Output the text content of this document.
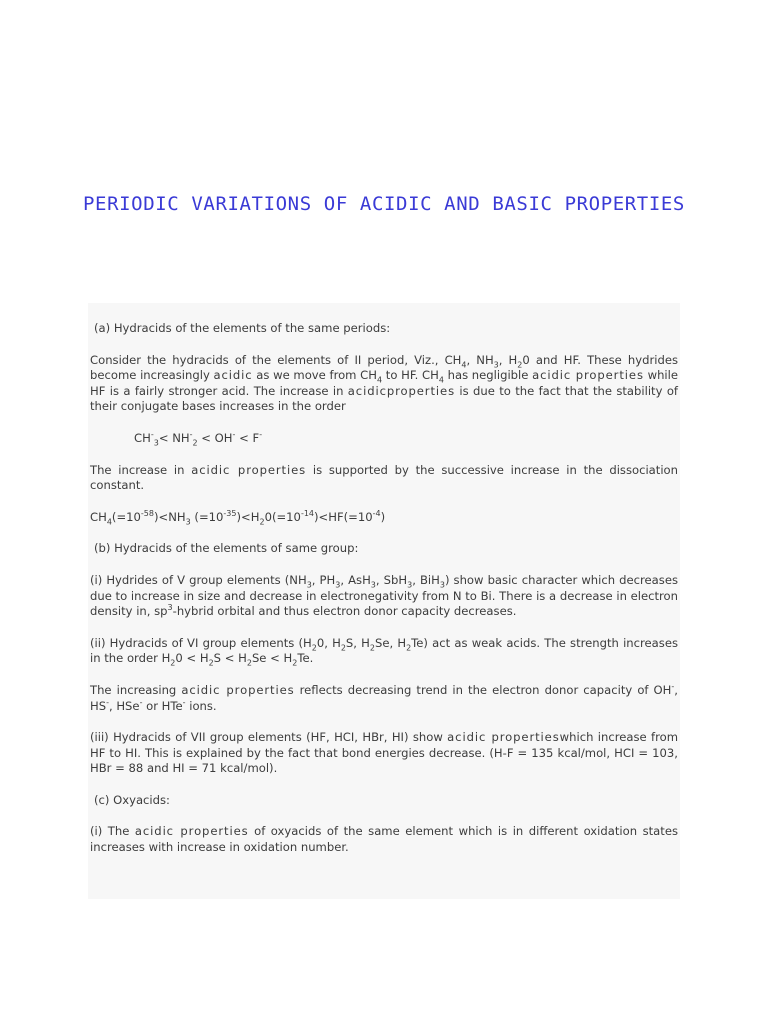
PERIODIC VARIATIONS OF ACIDIC AND BASIC PROPERTIES

(a) Hydracids of the elements of the same periods:

Consider the hydracids of the elements of II period, Viz., $CH_4$, $NH_3$, $H_20$ and HF. These hydrides become increasingly acidic as we move from $CH_4$ to HF. $CH_4$ has negligible acidic properties while HF is a fairly stronger acid. The increase in acidicproperties is due to the fact that the stability of their conjugate bases increases in the order

$CH^-_3< NH^-_2 < OH^- < F^-$

The increase in acidic properties is supported by the successive increase in the dissociation constant.

$CH_4(=10^{-58})<NH_3$ $(=10^{-35})<H_20(=10^{-14})<HF(=10^{-4})$

(b) Hydracids of the elements of same group:

(i) Hydrides of V group elements ($NH_3$, $PH_3$, AsH$_3$, SbH$_3$, BiH$_3$) show basic character which decreases due to increase in size and decrease in electronegativity from N to Bi. There is a decrease in electron density in, $sp^3$-hybrid orbital and thus electron donor capacity decreases.

(ii) Hydracids of VI group elements ($H_20$, $H_2S$, $H_2Se$, $H_2Te$) act as weak acids. The strength increases in the order $H_20 < H_2S < H_2Se < H_2Te$.

The increasing acidic properties reflects decreasing trend in the electron donor capacity of OH-, HS-, HSe- or HTe- ions.

(iii) Hydracids of VII group elements (HF, HCI, HBr, HI) show acidic propertieswhich increase from HF to HI. This is explained by the fact that bond energies decrease. (H-F = 135 kcal/mol, HCI = 103, HBr = 88 and HI = 71 kcal/mol).

(c) Oxyacids:

(i) The acidic properties of oxyacids of the same element which is in different oxidation states increases with increase in oxidation number.
